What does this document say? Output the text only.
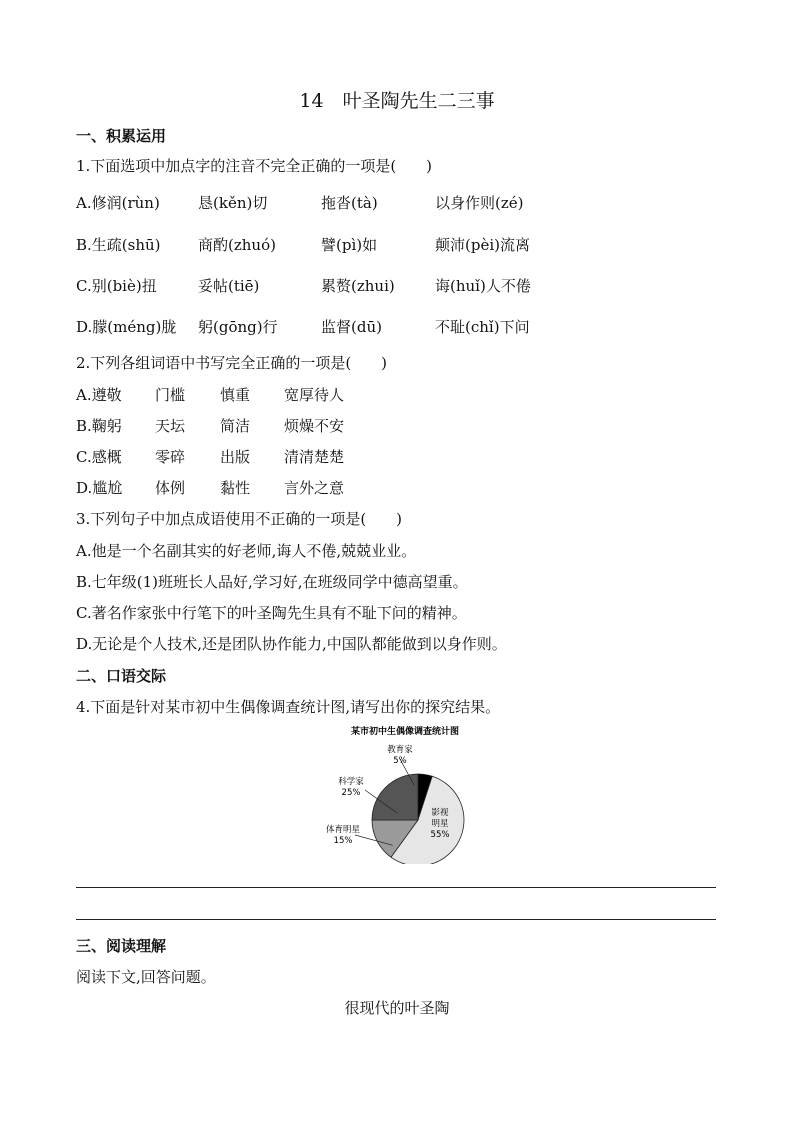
14　叶圣陶先生二三事
一、积累运用
1.下面选项中加点字的注音不完全正确的一项是(　　)
A.修润(rùn)	恳(kěn)切	拖沓(tà)	以身作则(zé)
B.生疏(shū) 商酌(zhuó)	譬(pì)如	颠沛(pèi)流离
C.别(biè)扭	妥帖(tiē)	累赘(zhui)	诲(huǐ)人不倦
D.朦(méng)胧 躬(gōng)行	监督(dū)	不耻(chǐ)下问
2.下列各组词语中书写完全正确的一项是(　　)
A.遵敬 门槛 慎重 宽厚待人
B.鞠躬 天坛 简洁 烦燥不安
C.感概 零碎 出版 清清楚楚
D.尴尬 体例 黏性 言外之意
3.下列句子中加点成语使用不正确的一项是(　　)
A.他是一个名副其实的好老师,诲人不倦,兢兢业业。
B.七年级(1)班班长人品好,学习好,在班级同学中德高望重。
C.著名作家张中行笔下的叶圣陶先生具有不耻下问的精神。
D.无论是个人技术,还是团队协作能力,中国队都能做到以身作则。
二、口语交际
4.下面是针对某市初中生偶像调查统计图,请写出你的探究结果。
某市初中生偶像调查统计图
教育家 5%
影视明星 55%
体育明星 15%
科学家 25%
三、阅读理解
阅读下文,回答问题。
很现代的叶圣陶
